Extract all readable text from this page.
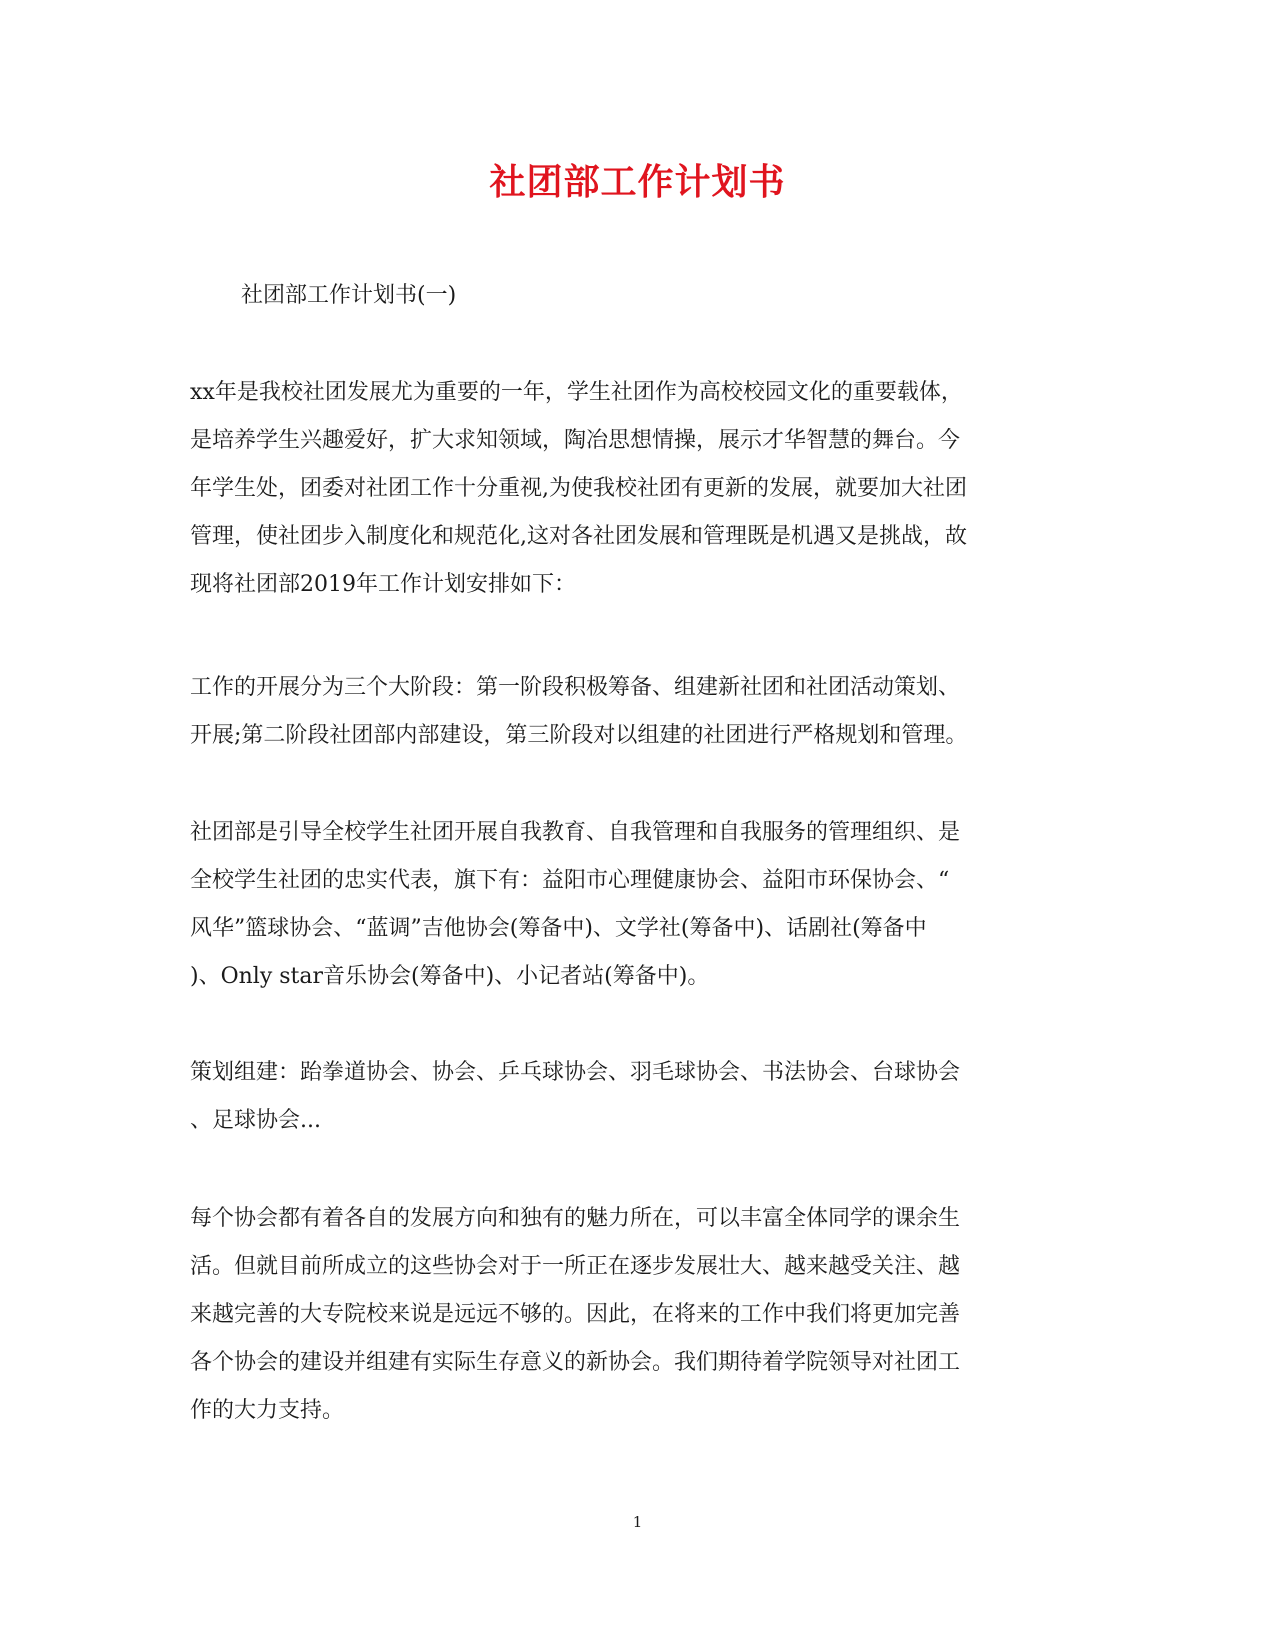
社团部工作计划书
社团部工作计划书(一)
xx年是我校社团发展尤为重要的一年，学生社团作为高校校园文化的重要载体，
是培养学生兴趣爱好，扩大求知领域，陶冶思想情操，展示才华智慧的舞台。今
年学生处，团委对社团工作十分重视,为使我校社团有更新的发展，就要加大社团
管理，使社团步入制度化和规范化,这对各社团发展和管理既是机遇又是挑战，故
现将社团部2019年工作计划安排如下：
工作的开展分为三个大阶段：第一阶段积极筹备、组建新社团和社团活动策划、
开展;第二阶段社团部内部建设，第三阶段对以组建的社团进行严格规划和管理。
社团部是引导全校学生社团开展自我教育、自我管理和自我服务的管理组织、是
全校学生社团的忠实代表，旗下有：益阳市心理健康协会、益阳市环保协会、“
风华”篮球协会、“蓝调”吉他协会(筹备中)、文学社(筹备中)、话剧社(筹备中
)、Only star音乐协会(筹备中)、小记者站(筹备中)。
策划组建：跆拳道协会、协会、乒乓球协会、羽毛球协会、书法协会、台球协会
、足球协会...
每个协会都有着各自的发展方向和独有的魅力所在，可以丰富全体同学的课余生
活。但就目前所成立的这些协会对于一所正在逐步发展壮大、越来越受关注、越
来越完善的大专院校来说是远远不够的。因此，在将来的工作中我们将更加完善
各个协会的建设并组建有实际生存意义的新协会。我们期待着学院领导对社团工
作的大力支持。
1
